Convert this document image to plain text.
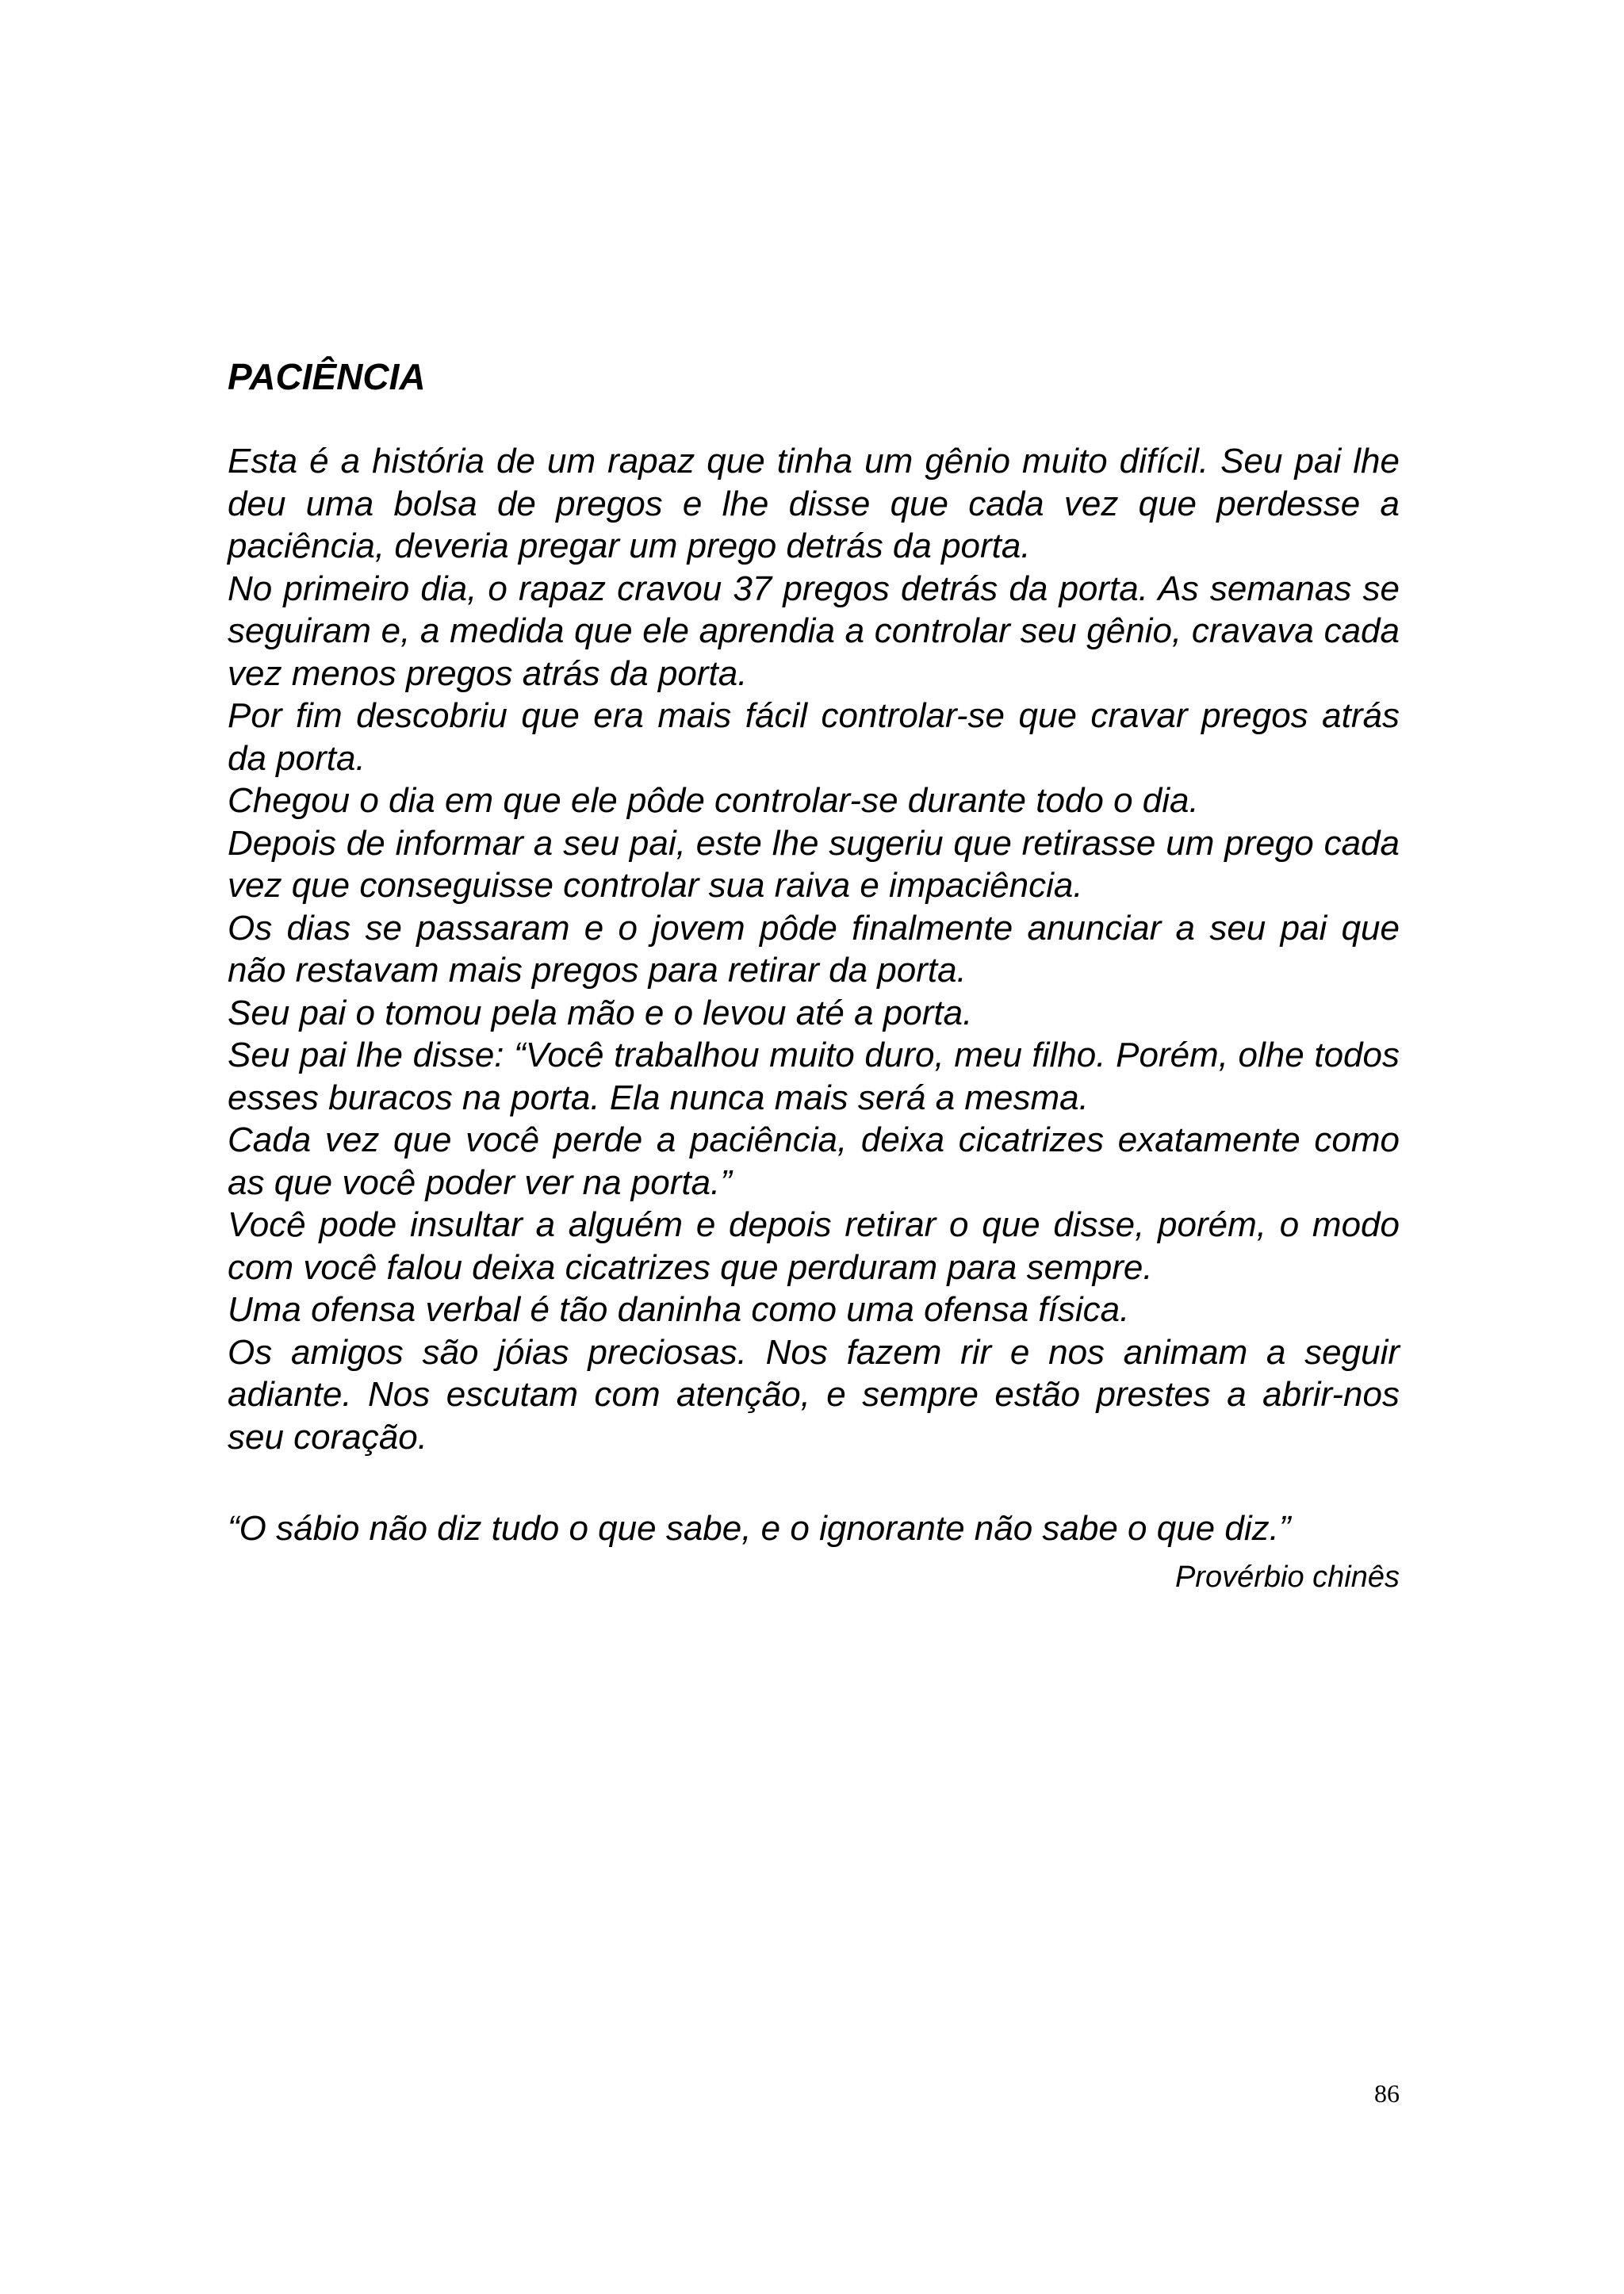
PACIÊNCIA

Esta é a história de um rapaz que tinha um gênio muito difícil. Seu pai lhe deu uma bolsa de pregos e lhe disse que cada vez que perdesse a paciência, deveria pregar um prego detrás da porta.

No primeiro dia, o rapaz cravou 37 pregos detrás da porta. As semanas se seguiram e, a medida que ele aprendia a controlar seu gênio, cravava cada vez menos pregos atrás da porta.

Por fim descobriu que era mais fácil controlar-se que cravar pregos atrás da porta.

Chegou o dia em que ele pôde controlar-se durante todo o dia.

Depois de informar a seu pai, este lhe sugeriu que retirasse um prego cada vez que conseguisse controlar sua raiva e impaciência.

Os dias se passaram e o jovem pôde finalmente anunciar a seu pai que não restavam mais pregos para retirar da porta.

Seu pai o tomou pela mão e o levou até a porta.

Seu pai lhe disse: “Você trabalhou muito duro, meu filho. Porém, olhe todos esses buracos na porta. Ela nunca mais será a mesma.

Cada vez que você perde a paciência, deixa cicatrizes exatamente como as que você poder ver na porta.”

Você pode insultar a alguém e depois retirar o que disse, porém, o modo com você falou deixa cicatrizes que perduram para sempre.

Uma ofensa verbal é tão daninha como uma ofensa física.

Os amigos são jóias preciosas. Nos fazem rir e nos animam a seguir adiante. Nos escutam com atenção, e sempre estão prestes a abrir-nos seu coração.

“O sábio não diz tudo o que sabe, e o ignorante não sabe o que diz.”

Provérbio chinês

86
